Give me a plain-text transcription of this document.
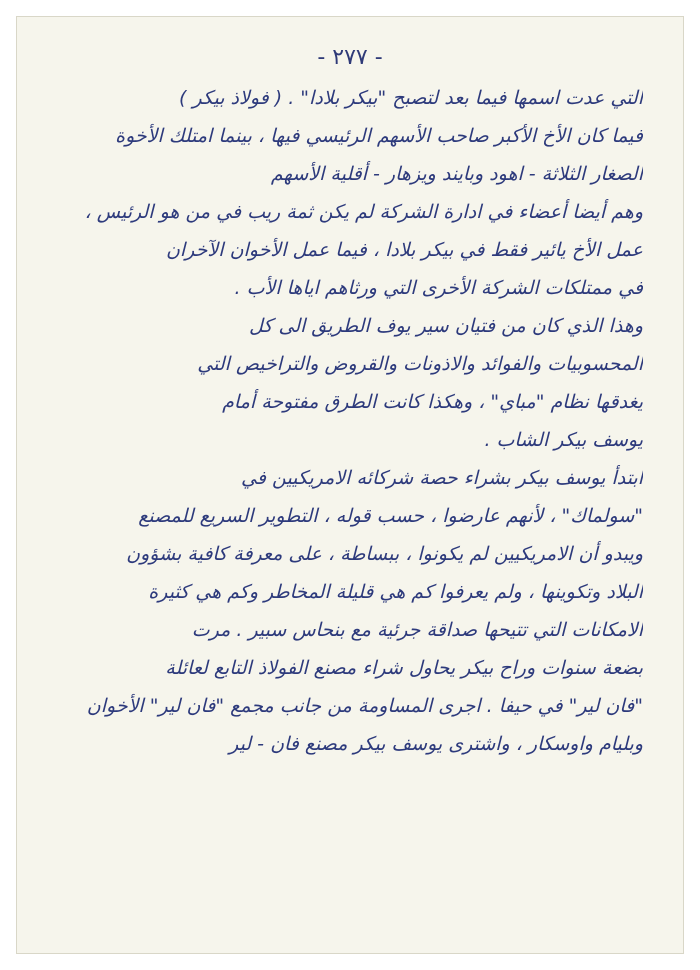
- ٢٧٧ -
التي عدت اسمها فيما بعد لتصبح "بيكر بلادا" . ( فولاذ بيكر )
فيما كان الأخ الأكبر صاحب الأسهم الرئيسي فيها ، بينما امتلك الأخوة
الصغار الثلاثة - اهود وبايند ويزهار - أقلية الأسهم
وهم أيضا أعضاء في ادارة الشركة لم يكن ثمة ريب في من هو الرئيس ،
عمل الأخ يائير فقط في بيكر بلادا ، فيما عمل الأخوان الآخران
في ممتلكات الشركة الأخرى التي ورثاهم اياها الأب .
وهذا الذي كان من فتيان سير يوف الطريق الى كل
المحسوبيات والفوائد والاذونات والقروض والتراخيص التي
يغدقها نظام "مباي" ، وهكذا كانت الطرق مفتوحة أمام
يوسف بيكر الشاب .
ابتدأ يوسف بيكر بشراء حصة شركائه الامريكيين في
"سولماك" ، لأنهم عارضوا ، حسب قوله ، التطوير السريع للمصنع
ويبدو أن الامريكيين لم يكونوا ، ببساطة ، على معرفة كافية بشؤون
البلاد وتكوينها ، ولم يعرفوا كم هي قليلة المخاطر وكم هي كثيرة
الامكانات التي تتيحها صداقة جرئية مع بنحاس سبير . مرت
بضعة سنوات وراح بيكر يحاول شراء مصنع الفولاذ التابع لعائلة
"فان لير" في حيفا . اجرى المساومة من جانب مجمع "فان لير" الأخوان
وبليام واوسكار ، واشترى يوسف بيكر مصنع فان - لير
